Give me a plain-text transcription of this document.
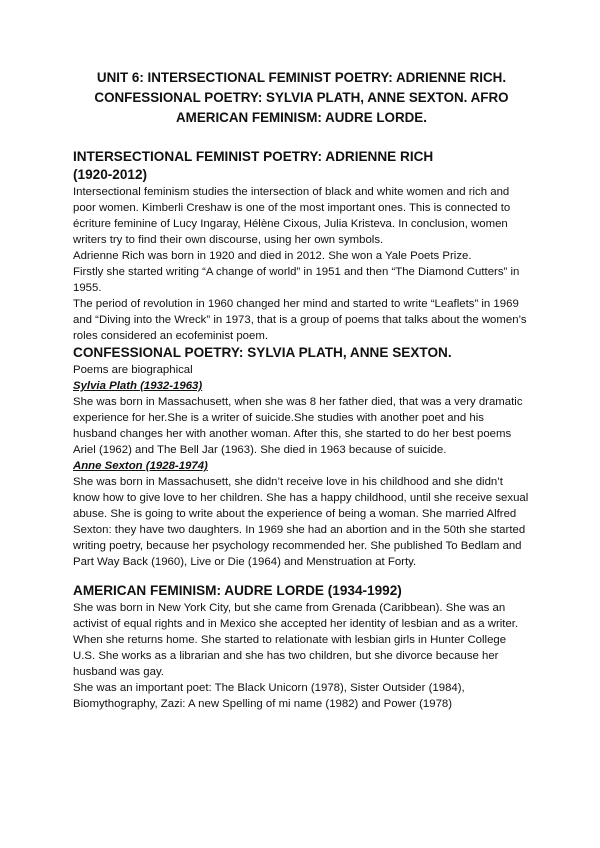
UNIT 6: INTERSECTIONAL FEMINIST POETRY: ADRIENNE RICH.
CONFESSIONAL POETRY: SYLVIA PLATH, ANNE SEXTON. AFRO
AMERICAN FEMINISM: AUDRE LORDE.
INTERSECTIONAL FEMINIST POETRY: ADRIENNE RICH
(1920-2012)

Intersectional feminism studies the intersection of black and white women and rich and poor women. Kimberli Creshaw is one of the most important ones. This is connected to écriture feminine of Lucy Ingaray, Hélène Cixous, Julia Kristeva. In conclusion, women writers try to find their own discourse, using her own symbols.

Adrienne Rich was born in 1920 and died in 2012. She won a Yale Poets Prize.

Firstly she started writing “A change of world” in 1951 and then “The Diamond Cutters” in 1955.

The period of revolution in 1960 changed her mind and started to write “Leaflets” in 1969 and “Diving into the Wreck” in 1973, that is a group of poems that talks about the women’s roles considered an ecofeminist poem.

CONFESSIONAL POETRY: SYLVIA PLATH, ANNE SEXTON.

Poems are biographical

Sylvia Plath (1932-1963)

She was born in Massachusett, when she was 8 her father died, that was a very dramatic experience for her.She is a writer of suicide.She studies with another poet and his husband changes her with another woman. After this, she started to do her best poems Ariel (1962) and The Bell Jar (1963). She died in 1963 because of suicide.

Anne Sexton (1928-1974)

She was born in Massachusett, she didn’t receive love in his childhood and she didn’t know how to give love to her children. She has a happy childhood, until she receive sexual abuse. She is going to write about the experience of being a woman. She married Alfred Sexton: they have two daughters. In 1969 she had an abortion and in the 50th she started writing poetry, because her psychology recommended her. She published To Bedlam and Part Way Back (1960), Live or Die (1964) and Menstruation at Forty.

AMERICAN FEMINISM: AUDRE LORDE (1934-1992)

She was born in New York City, but she came from Grenada (Caribbean). She was an activist of equal rights and in Mexico she accepted her identity of lesbian and as a writer.

When she returns home. She started to relationate with lesbian girls in Hunter College U.S. She works as a librarian and she has two children, but she divorce because her husband was gay.

She was an important poet: The Black Unicorn (1978), Sister Outsider (1984), Biomythography, Zazi: A new Spelling of mi name (1982) and Power (1978)
